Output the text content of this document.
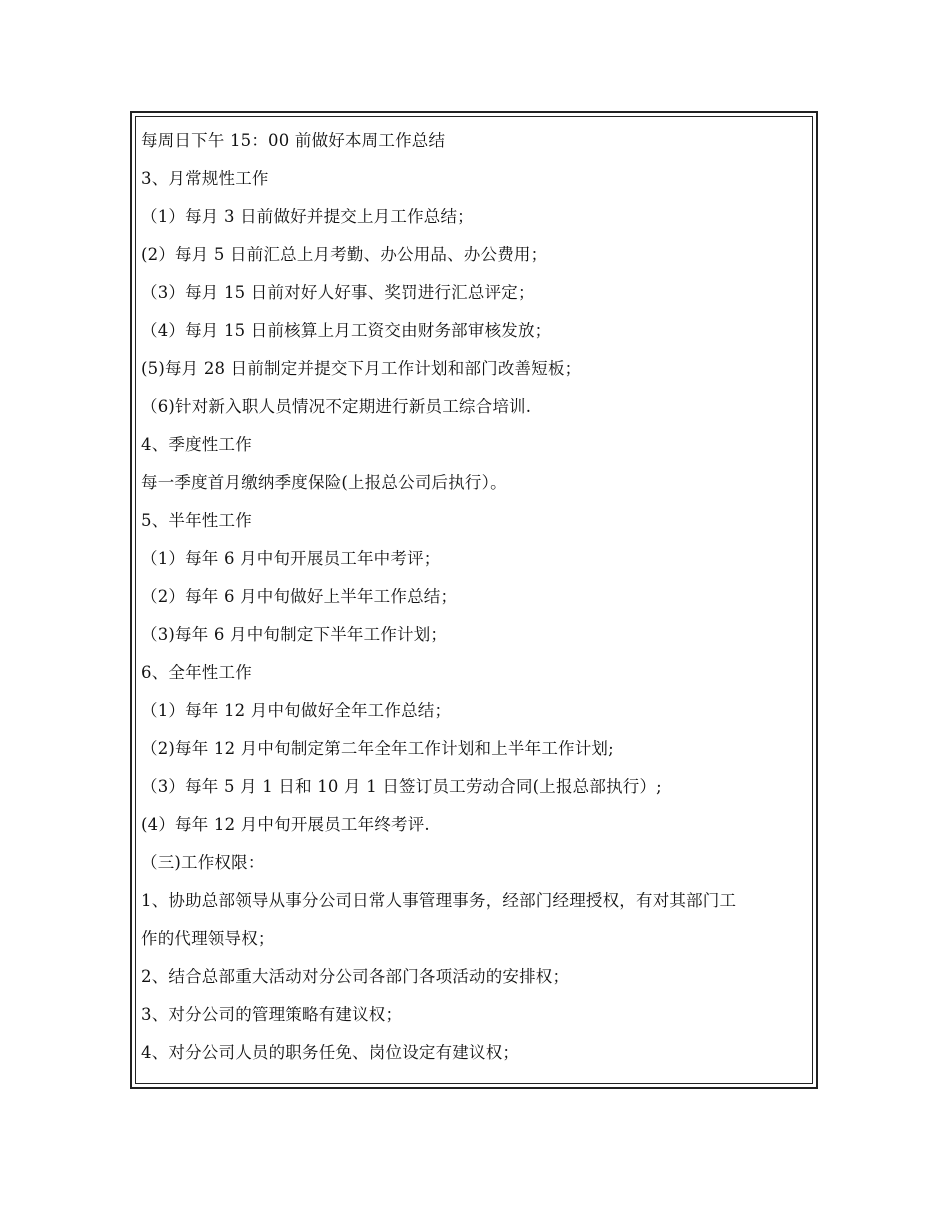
每周日下午 15：00 前做好本周工作总结
3、月常规性工作
（1）每月 3 日前做好并提交上月工作总结；
(2）每月 5 日前汇总上月考勤、办公用品、办公费用；
（3）每月 15 日前对好人好事、奖罚进行汇总评定；
（4）每月 15 日前核算上月工资交由财务部审核发放；
(5)每月 28 日前制定并提交下月工作计划和部门改善短板；
（6)针对新入职人员情况不定期进行新员工综合培训.
4、季度性工作
每一季度首月缴纳季度保险(上报总公司后执行）。
5、半年性工作
（1）每年 6 月中旬开展员工年中考评；
（2）每年 6 月中旬做好上半年工作总结；
（3)每年 6 月中旬制定下半年工作计划；
6、全年性工作
（1）每年 12 月中旬做好全年工作总结；
（2)每年 12 月中旬制定第二年全年工作计划和上半年工作计划;
（3）每年 5 月 1 日和 10 月 1 日签订员工劳动合同(上报总部执行）;
(4）每年 12 月中旬开展员工年终考评.
（三)工作权限：
1、协助总部领导从事分公司日常人事管理事务，经部门经理授权，有对其部门工
作的代理领导权；
2、结合总部重大活动对分公司各部门各项活动的安排权；
3、对分公司的管理策略有建议权；
4、对分公司人员的职务任免、岗位设定有建议权；
